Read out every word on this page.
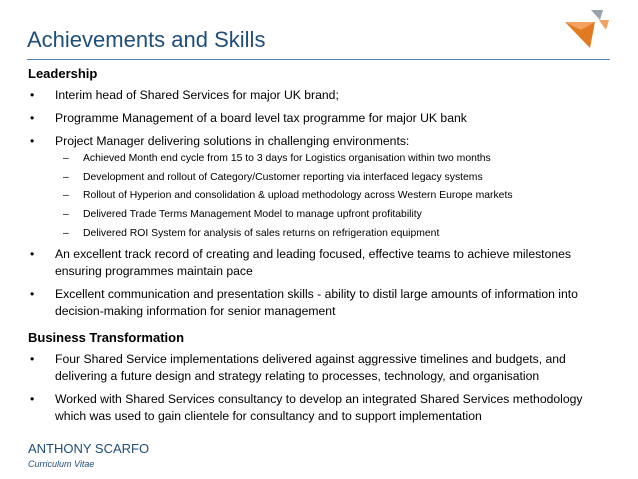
Achievements and Skills
Leadership
• Interim head of Shared Services for major UK brand;
• Programme Management of a board level tax programme for major UK bank
• Project Manager delivering solutions in challenging environments:
– Achieved Month end cycle from 15 to 3 days for Logistics organisation within two months
– Development and rollout of Category/Customer reporting via interfaced legacy systems
– Rollout of Hyperion and consolidation & upload methodology across Western Europe markets
– Delivered Trade Terms Management Model to manage upfront profitability
– Delivered ROI System for analysis of sales returns on refrigeration equipment
• An excellent track record of creating and leading focused, effective teams to achieve milestones ensuring programmes maintain pace
• Excellent communication and presentation skills - ability to distil large amounts of information into decision-making information for senior management
Business Transformation
• Four Shared Service implementations delivered against aggressive timelines and budgets, and delivering a future design and strategy relating to processes, technology, and organisation
• Worked with Shared Services consultancy to develop an integrated Shared Services methodology which was used to gain clientele for consultancy and to support implementation
ANTHONY SCARFO
Curriculum Vitae
